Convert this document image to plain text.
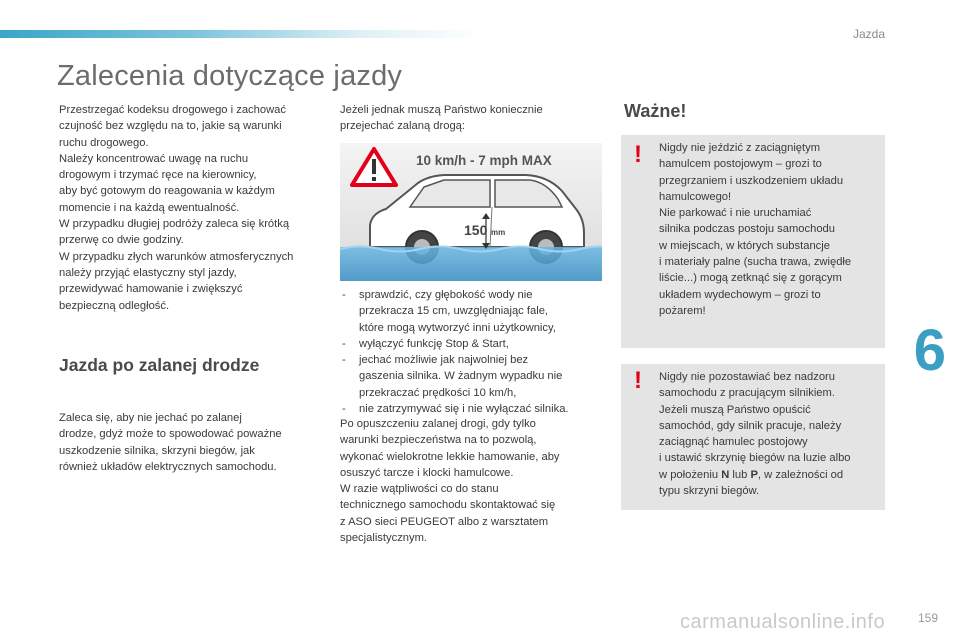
Jazda
6
Zalecenia dotyczące jazdy
Przestrzegać kodeksu drogowego i zachować
czujność bez względu na to, jakie są warunki
ruchu drogowego.
Należy koncentrować uwagę na ruchu
drogowym i trzymać ręce na kierownicy,
aby być gotowym do reagowania w każdym
momencie i na każdą ewentualność.
W przypadku długiej podróży zaleca się krótką
przerwę co dwie godziny.
W przypadku złych warunków atmosferycznych
należy przyjąć elastyczny styl jazdy,
przewidywać hamowanie i zwiększyć
bezpieczną odległość.
Jazda po zalanej drodze
Zaleca się, aby nie jechać po zalanej
drodze, gdyż może to spowodować poważne
uszkodzenie silnika, skrzyni biegów, jak
również układów elektrycznych samochodu.
Jeżeli jednak muszą Państwo koniecznie
przejechać zalaną drogą:
10 km/h - 7 mph MAX
150 mm
- sprawdzić, czy głębokość wody nie
przekracza 15 cm, uwzględniając fale,
które mogą wytworzyć inni użytkownicy,
- wyłączyć funkcję Stop & Start,
- jechać możliwie jak najwolniej bez
gaszenia silnika. W żadnym wypadku nie
przekraczać prędkości 10 km/h,
- nie zatrzymywać się i nie wyłączać silnika.
Po opuszczeniu zalanej drogi, gdy tylko
warunki bezpieczeństwa na to pozwolą,
wykonać wielokrotne lekkie hamowanie, aby
osuszyć tarcze i klocki hamulcowe.
W razie wątpliwości co do stanu
technicznego samochodu skontaktować się
z ASO sieci PEUGEOT albo z warsztatem
specjalistycznym.
Ważne!
! Nigdy nie jeździć z zaciągniętym
hamulcem postojowym – grozi to
przegrzaniem i uszkodzeniem układu
hamulcowego!
Nie parkować i nie uruchamiać
silnika podczas postoju samochodu
w miejscach, w których substancje
i materiały palne (sucha trawa, zwiędłe
liście...) mogą zetknąć się z gorącym
układem wydechowym – grozi to
pożarem!
! Nigdy nie pozostawiać bez nadzoru
samochodu z pracującym silnikiem.
Jeżeli muszą Państwo opuścić
samochód, gdy silnik pracuje, należy
zaciągnąć hamulec postojowy
i ustawić skrzynię biegów na luzie albo
w położeniu N lub P, w zależności od
typu skrzyni biegów.
carmanualsonline.info	159
